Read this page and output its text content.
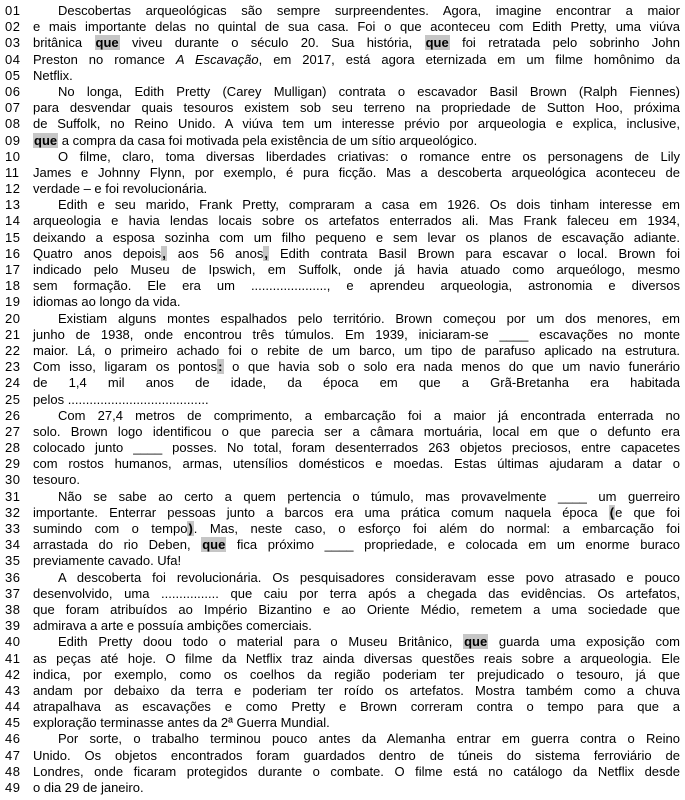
01	Descobertas arqueológicas são sempre surpreendentes. Agora, imagine encontrar a maior
02 e mais importante delas no quintal de sua casa. Foi o que aconteceu com Edith Pretty, uma viúva
03 britânica que viveu durante o século 20. Sua história, que foi retratada pelo sobrinho John
04 Preston no romance A Escavação, em 2017, está agora eternizada em um filme homônimo da
05 Netflix.
06	No longa, Edith Pretty (Carey Mulligan) contrata o escavador Basil Brown (Ralph Fiennes)
07 para desvendar quais tesouros existem sob seu terreno na propriedade de Sutton Hoo, próxima
08 de Suffolk, no Reino Unido. A viúva tem um interesse prévio por arqueologia e explica, inclusive,
09 que a compra da casa foi motivada pela existência de um sítio arqueológico.
10	O filme, claro, toma diversas liberdades criativas: o romance entre os personagens de Lily
11 James e Johnny Flynn, por exemplo, é pura ficção. Mas a descoberta arqueológica aconteceu de
12 verdade – e foi revolucionária.
13	Edith e seu marido, Frank Pretty, compraram a casa em 1926. Os dois tinham interesse em
14 arqueologia e havia lendas locais sobre os artefatos enterrados ali. Mas Frank faleceu em 1934,
15 deixando a esposa sozinha com um filho pequeno e sem levar os planos de escavação adiante.
16 Quatro anos depois, aos 56 anos, Edith contrata Basil Brown para escavar o local. Brown foi
17 indicado pelo Museu de Ipswich, em Suffolk, onde já havia atuado como arqueólogo, mesmo
18 sem formação. Ele era um ....................., e aprendeu arqueologia, astronomia e diversos
19 idiomas ao longo da vida.
20	Existiam alguns montes espalhados pelo território. Brown começou por um dos menores, em
21 junho de 1938, onde encontrou três túmulos. Em 1939, iniciaram-se ____ escavações no monte
22 maior. Lá, o primeiro achado foi o rebite de um barco, um tipo de parafuso aplicado na estrutura.
23 Com isso, ligaram os pontos: o que havia sob o solo era nada menos do que um navio funerário
24 de 1,4 mil anos de idade, da época em que a Grã-Bretanha era habitada
25 pelos .......................................
26	Com 27,4 metros de comprimento, a embarcação foi a maior já encontrada enterrada no
27 solo. Brown logo identificou o que parecia ser a câmara mortuária, local em que o defunto era
28 colocado junto ____ posses. No total, foram desenterrados 263 objetos preciosos, entre capacetes
29 com rostos humanos, armas, utensílios domésticos e moedas. Estas últimas ajudaram a datar o
30 tesouro.
31	Não se sabe ao certo a quem pertencia o túmulo, mas provavelmente ____ um guerreiro
32 importante. Enterrar pessoas junto a barcos era uma prática comum naquela época (e que foi
33 sumindo com o tempo). Mas, neste caso, o esforço foi além do normal: a embarcação foi
34 arrastada do rio Deben, que fica próximo ____ propriedade, e colocada em um enorme buraco
35 previamente cavado. Ufa!
36	A descoberta foi revolucionária. Os pesquisadores consideravam esse povo atrasado e pouco
37 desenvolvido, uma ................ que caiu por terra após a chegada das evidências. Os artefatos,
38 que foram atribuídos ao Império Bizantino e ao Oriente Médio, remetem a uma sociedade que
39 admirava a arte e possuía ambições comerciais.
40	Edith Pretty doou todo o material para o Museu Britânico, que guarda uma exposição com
41 as peças até hoje. O filme da Netflix traz ainda diversas questões reais sobre a arqueologia. Ele
42 indica, por exemplo, como os coelhos da região poderiam ter prejudicado o tesouro, já que
43 andam por debaixo da terra e poderiam ter roído os artefatos. Mostra também como a chuva
44 atrapalhava as escavações e como Pretty e Brown correram contra o tempo para que a
45 exploração terminasse antes da 2ª Guerra Mundial.
46	Por sorte, o trabalho terminou pouco antes da Alemanha entrar em guerra contra o Reino
47 Unido. Os objetos encontrados foram guardados dentro de túneis do sistema ferroviário de
48 Londres, onde ficaram protegidos durante o combate. O filme está no catálogo da Netflix desde
49 o dia 29 de janeiro.
